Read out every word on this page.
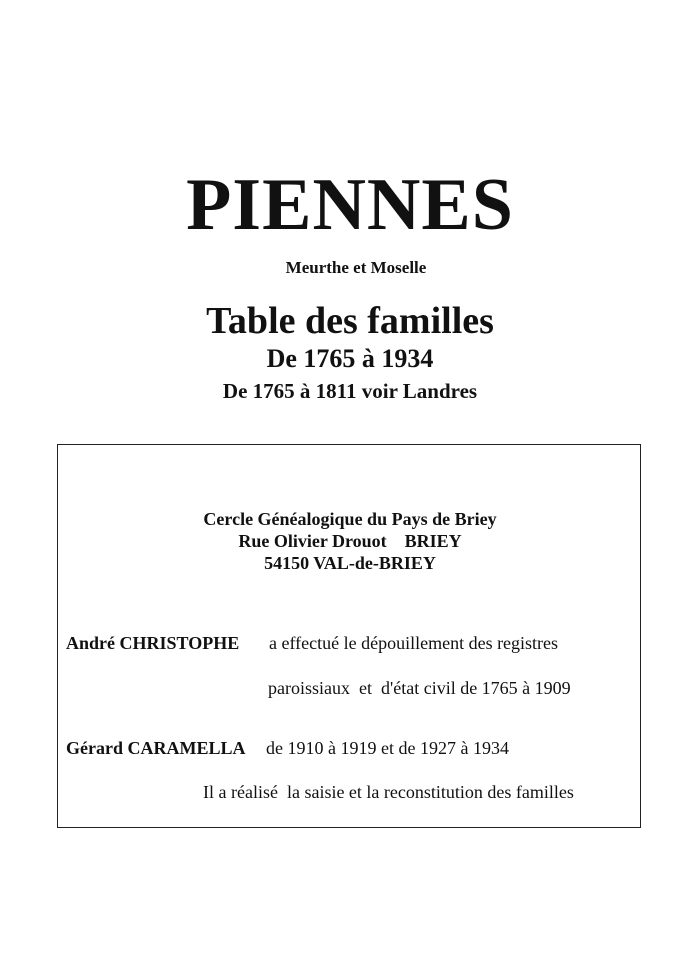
PIENNES
Meurthe et Moselle
Table des familles
De 1765 à 1934
De 1765 à 1811 voir Landres
Cercle Généalogique du Pays de Briey
Rue Olivier Drouot    BRIEY
54150 VAL-de-BRIEY
André CHRISTOPHE a effectué le dépouillement des registres
paroissiaux  et  d'état civil de 1765 à 1909
Gérard CARAMELLA de 1910 à 1919 et de 1927 à 1934
Il a réalisé  la saisie et la reconstitution des familles
